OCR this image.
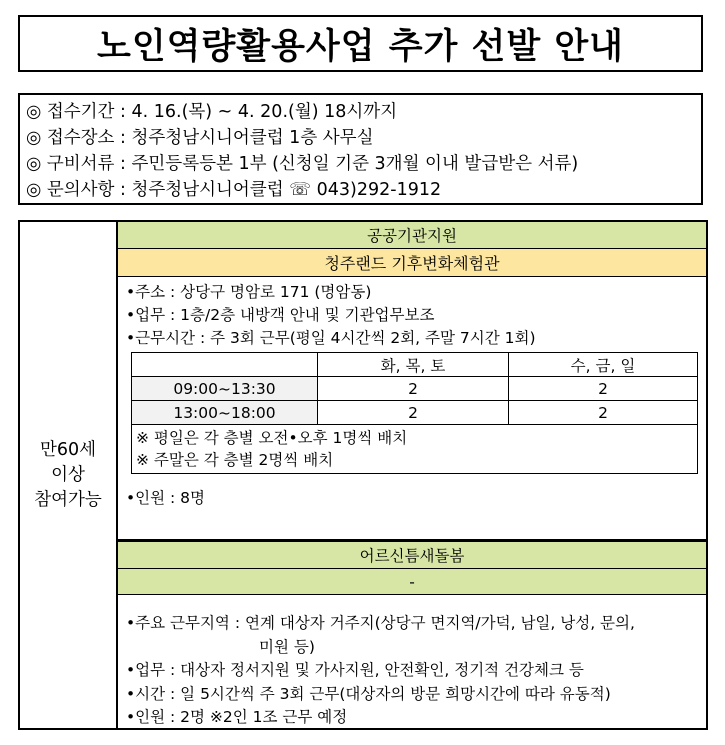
노인역량활용사업 추가 선발 안내
◎ 접수기간 : 4. 16.(목) ~ 4. 20.(월) 18시까지
◎ 접수장소 : 청주청남시니어클럽 1층 사무실
◎ 구비서류 : 주민등록등본 1부 (신청일 기준 3개월 이내 발급받은 서류)
◎ 문의사항 : 청주청남시니어클럽 ☏ 043)292-1912
만60세
이상
참여가능
공공기관지원
청주랜드 기후변화체험관
•주소 : 상당구 명암로 171 (명암동)
•업무 : 1층/2층 내방객 안내 및 기관업무보조
•근무시간 : 주 3회 근무(평일 4시간씩 2회, 주말 7시간 1회)
	화, 목, 토	수, 금, 일
09:00~13:30	2	2
13:00~18:00	2	2

※ 평일은 각 층별 오전•오후 1명씩 배치
※ 주말은 각 층별 2명씩 배치		
•인원 : 8명
어르신틈새돌봄
-
•주요 근무지역 : 연계 대상자 거주지(상당구 면지역/가덕, 남일, 낭성, 문의,
미원 등)
•업무 : 대상자 정서지원 및 가사지원, 안전확인, 정기적 건강체크 등
•시간 : 일 5시간씩 주 3회 근무(대상자의 방문 희망시간에 따라 유동적)
•인원 : 2명 ※2인 1조 근무 예정
